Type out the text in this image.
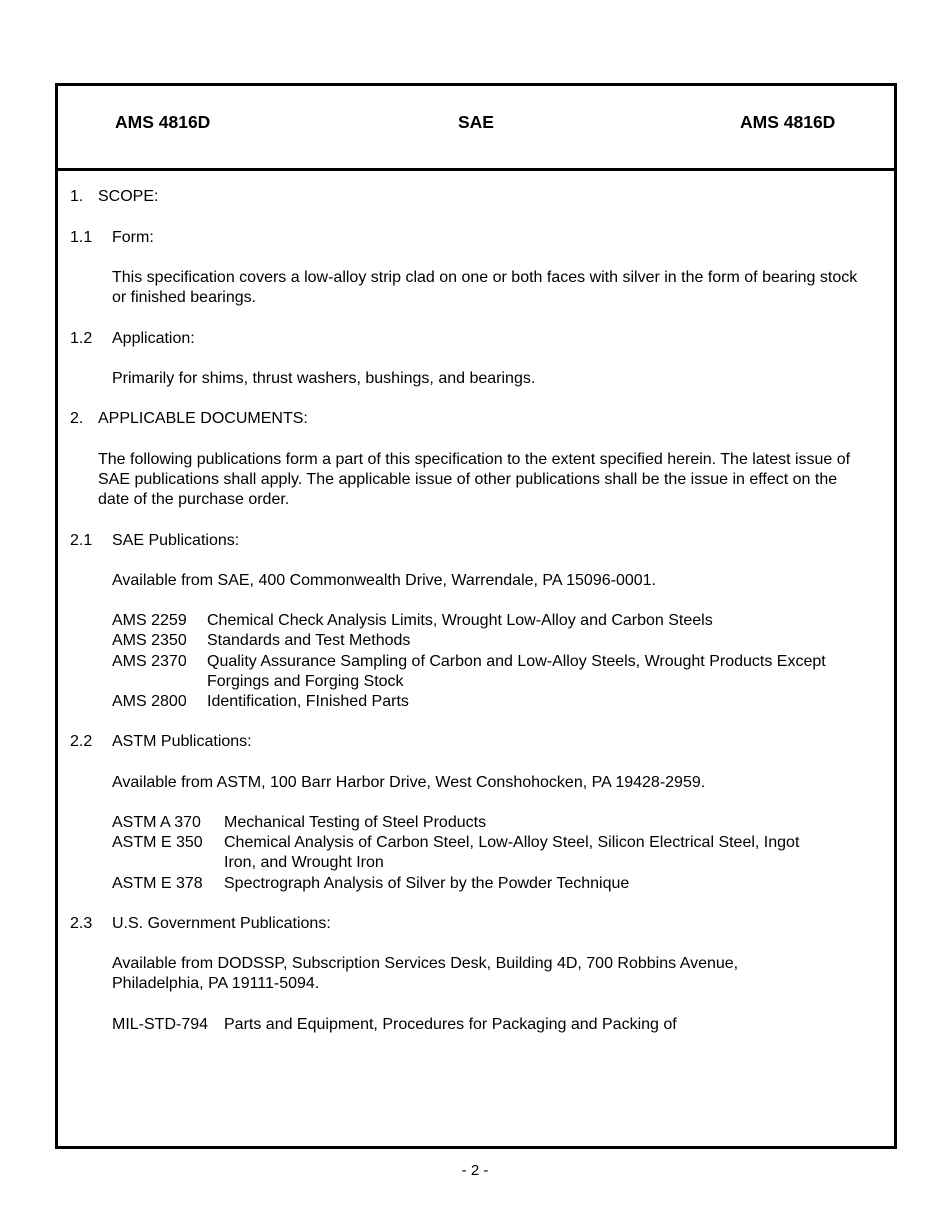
AMS 4816D	SAE	AMS 4816D
1. SCOPE:
1.1 Form:
This specification covers a low-alloy strip clad on one or both faces with silver in the form of bearing stock or finished bearings.
1.2 Application:
Primarily for shims, thrust washers, bushings, and bearings.
2. APPLICABLE DOCUMENTS:
The following publications form a part of this specification to the extent specified herein. The latest issue of SAE publications shall apply. The applicable issue of other publications shall be the issue in effect on the date of the purchase order.
2.1 SAE Publications:
Available from SAE, 400 Commonwealth Drive, Warrendale, PA 15096-0001.
AMS 2259 Chemical Check Analysis Limits, Wrought Low-Alloy and Carbon Steels
AMS 2350 Standards and Test Methods
AMS 2370 Quality Assurance Sampling of Carbon and Low-Alloy Steels, Wrought Products Except
Forgings and Forging Stock
AMS 2800 Identification, FInished Parts
2.2 ASTM Publications:
Available from ASTM, 100 Barr Harbor Drive, West Conshohocken, PA 19428-2959.
ASTM A 370 Mechanical Testing of Steel Products
ASTM E 350 Chemical Analysis of Carbon Steel, Low-Alloy Steel, Silicon Electrical Steel, Ingot
Iron, and Wrought Iron
ASTM E 378 Spectrograph Analysis of Silver by the Powder Technique
2.3 U.S. Government Publications:
Available from DODSSP, Subscription Services Desk, Building 4D, 700 Robbins Avenue, Philadelphia, PA 19111-5094.
MIL-STD-794 Parts and Equipment, Procedures for Packaging and Packing of
- 2 -
